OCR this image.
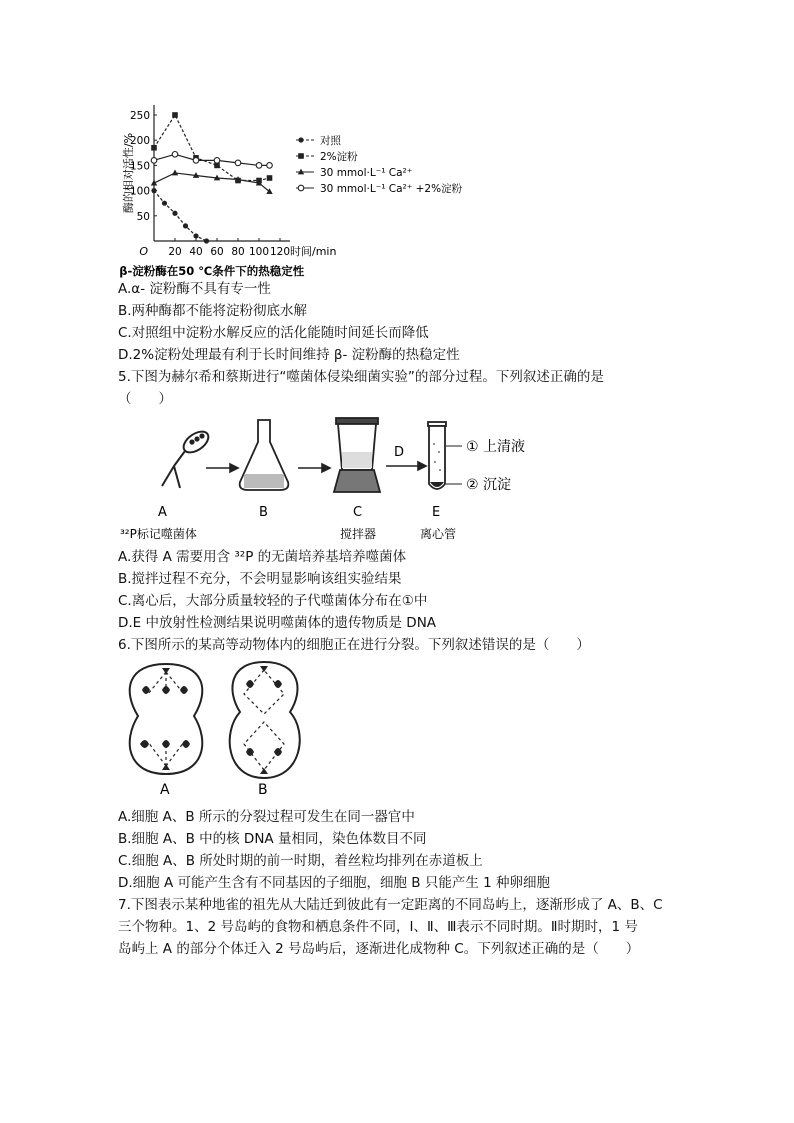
酶的相对活性/%
50
100
150
200
250
20 40 60 80 100 120
O	时间/min
β-淀粉酶在50 ℃条件下的热稳定性
对照
2%淀粉
30 mmol·L⁻¹ Ca²⁺
30 mmol·L⁻¹ Ca²⁺ +2%淀粉
A.α- 淀粉酶不具有专一性
B.两种酶都不能将淀粉彻底水解
C.对照组中淀粉水解反应的活化能随时间延长而降低
D.2%淀粉处理最有利于长时间维持 β- 淀粉酶的热稳定性
5.下图为赫尔希和蔡斯进行“噬菌体侵染细菌实验”的部分过程。下列叙述正确的是
（　　）
A
³²P标记噬菌体
B	C
搅拌器
D	① 上清液
② 沉淀
E
离心管
A.获得 A 需要用含 ³²P 的无菌培养基培养噬菌体
B.搅拌过程不充分，不会明显影响该组实验结果
C.离心后，大部分质量较轻的子代噬菌体分布在①中
D.E 中放射性检测结果说明噬菌体的遗传物质是 DNA
6.下图所示的某高等动物体内的细胞正在进行分裂。下列叙述错误的是（　　）
A	B
A.细胞 A、B 所示的分裂过程可发生在同一器官中
B.细胞 A、B 中的核 DNA 量相同，染色体数目不同
C.细胞 A、B 所处时期的前一时期，着丝粒均排列在赤道板上
D.细胞 A 可能产生含有不同基因的子细胞，细胞 B 只能产生 1 种卵细胞
7.下图表示某种地雀的祖先从大陆迁到彼此有一定距离的不同岛屿上，逐渐形成了 A、B、C
三个物种。1、2 号岛屿的食物和栖息条件不同，Ⅰ、Ⅱ、Ⅲ表示不同时期。Ⅱ时期时，1 号
岛屿上 A 的部分个体迁入 2 号岛屿后，逐渐进化成物种 C。下列叙述正确的是（　　）
